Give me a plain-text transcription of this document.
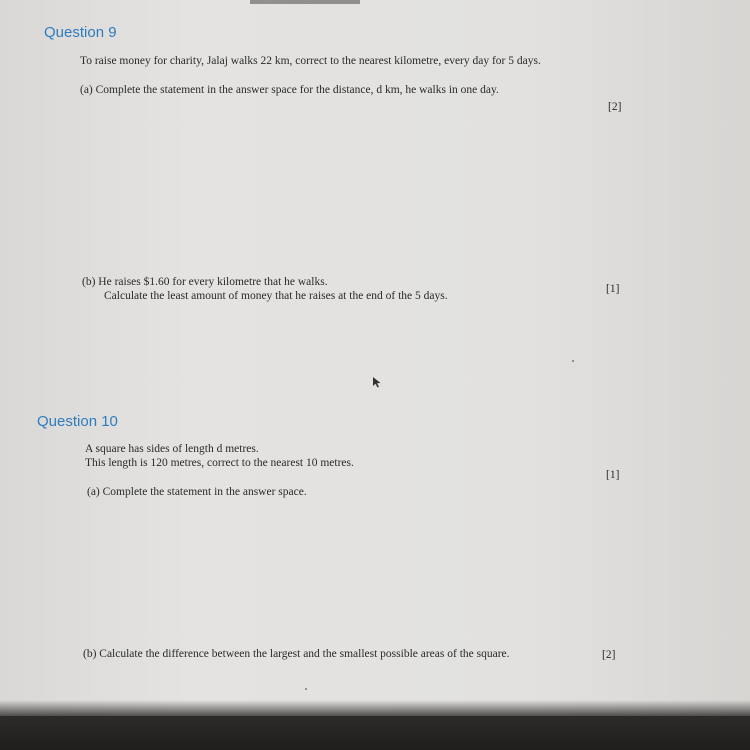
Question 9
To raise money for charity, Jalaj walks 22 km, correct to the nearest kilometre, every day for 5 days.
(a) Complete the statement in the answer space for the distance, d km, he walks in one day.
[2]
(b) He raises $1.60 for every kilometre that he walks.
Calculate the least amount of money that he raises at the end of the 5 days.
[1]
Question 10
A square has sides of length d metres.
This length is 120 metres, correct to the nearest 10 metres.
[1]
(a) Complete the statement in the answer space.
(b) Calculate the difference between the largest and the smallest possible areas of the square.	[2]
